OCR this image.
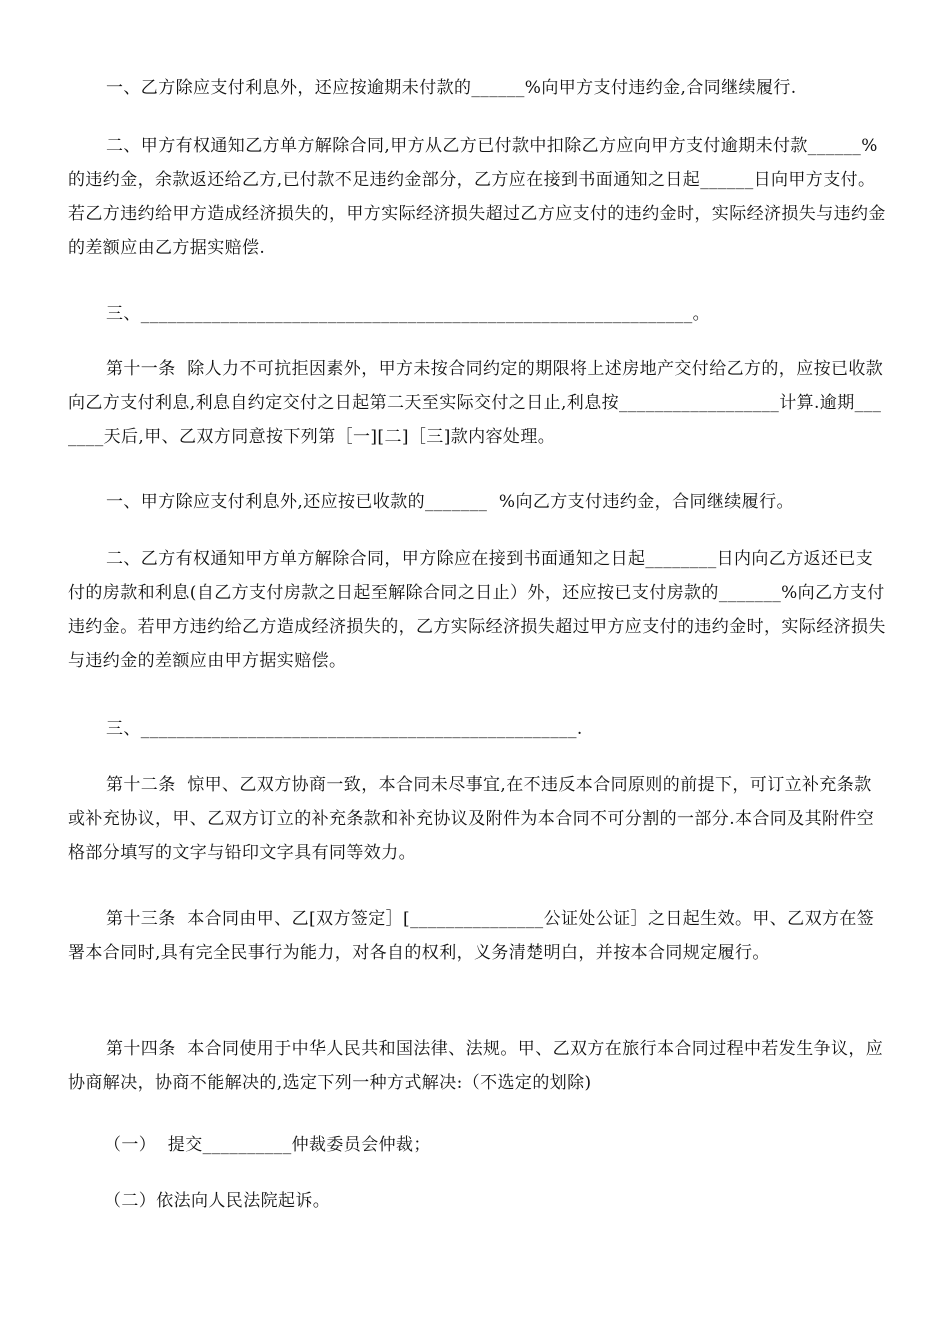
一、乙方除应支付利息外，还应按逾期未付款的______%向甲方支付违约金,合同继续履行.

二、甲方有权通知乙方单方解除合同,甲方从乙方已付款中扣除乙方应向甲方支付逾期未付款______%的违约金，余款返还给乙方,已付款不足违约金部分，乙方应在接到书面通知之日起______日向甲方支付。若乙方违约给甲方造成经济损失的，甲方实际经济损失超过乙方应支付的违约金时，实际经济损失与违约金的差额应由乙方据实赔偿.

三、______________________________________________________________。

第十一条  除人力不可抗拒因素外，甲方未按合同约定的期限将上述房地产交付给乙方的，应按已收款向乙方支付利息,利息自约定交付之日起第二天至实际交付之日止,利息按__________________计算.逾期_______天后,甲、乙双方同意按下列第［一][二]［三]款内容处理。

一、甲方除应支付利息外,还应按已收款的_______  %向乙方支付违约金，合同继续履行。

二、乙方有权通知甲方单方解除合同，甲方除应在接到书面通知之日起________日内向乙方返还已支付的房款和利息(自乙方支付房款之日起至解除合同之日止）外，还应按已支付房款的_______%向乙方支付违约金。若甲方违约给乙方造成经济损失的，乙方实际经济损失超过甲方应支付的违约金时，实际经济损失与违约金的差额应由甲方据实赔偿。

三、_________________________________________________.

第十二条  惊甲、乙双方协商一致，本合同未尽事宜,在不违反本合同原则的前提下，可订立补充条款或补充协议，甲、乙双方订立的补充条款和补充协议及附件为本合同不可分割的一部分.本合同及其附件空格部分填写的文字与铅印文字具有同等效力。

第十三条  本合同由甲、乙[双方签定］[_______________公证处公证］之日起生效。甲、乙双方在签署本合同时,具有完全民事行为能力，对各自的权利，义务清楚明白，并按本合同规定履行。

第十四条  本合同使用于中华人民共和国法律、法规。甲、乙双方在旅行本合同过程中若发生争议，应协商解决，协商不能解决的,选定下列一种方式解决:（不选定的划除)

（一）  提交__________仲裁委员会仲裁；

（二）依法向人民法院起诉。
